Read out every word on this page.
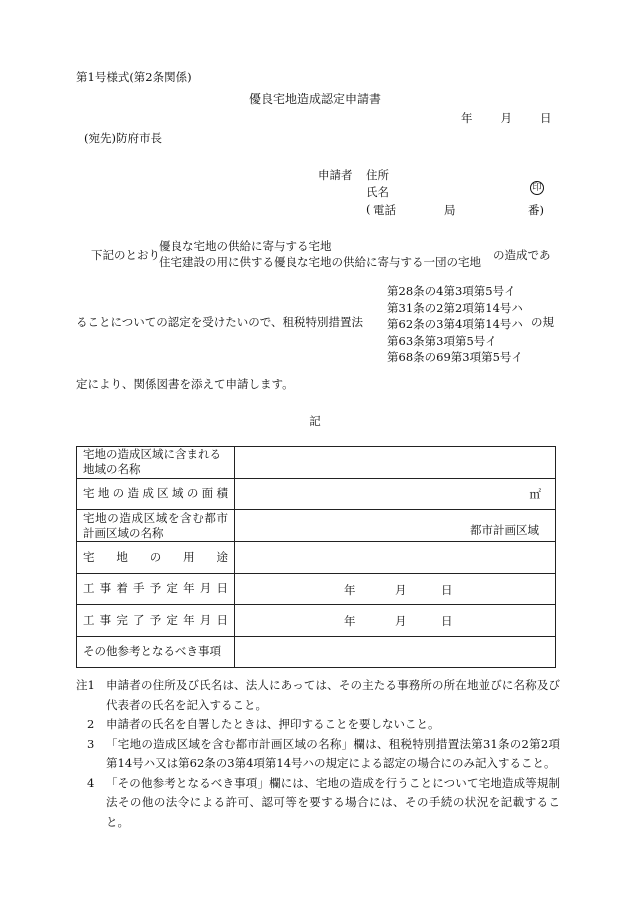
第1号様式(第2条関係)
優良宅地造成認定申請書
年 月 日
(宛先)防府市長
申請者 住所
氏名	印
( 電話	局	番)
下記のとおり
優良な宅地の供給に寄与する宅地
住宅建設の用に供する優良な宅地の供給に寄与する一団の宅地 の造成であ
ることについての認定を受けたいので、租税特別措置法
第28条の4第3項第5号イ
第31条の2第2項第14号ハ
第62条の3第4項第14号ハ
第63条第3項第5号イ
第68条の69第3項第5号イ
の規
定により、関係図書を添えて申請します。
記
宅地の造成区域に含まれる地域の名称	
宅地の造成区域の面積	㎡

宅地の造成区域を含む都市計画区域の名称	都市計画区域

宅地の用途	
工事着手予定年月日	年 月 日

工事完了予定年月日	年 月 日

その他参考となるべき事項	
注1 申請者の住所及び氏名は、法人にあっては、その主たる事務所の所在地並びに名称及び代表者の氏名を記入すること。
2	申請者の氏名を自署したときは、押印することを要しないこと。
3	「宅地の造成区域を含む都市計画区域の名称」欄は、租税特別措置法第31条の2第2項第14号ハ又は第62条の3第4項第14号ハの規定による認定の場合にのみ記入すること。
4	「その他参考となるべき事項」欄には、宅地の造成を行うことについて宅地造成等規制法その他の法令による許可、認可等を要する場合には、その手続の状況を記載すること。
